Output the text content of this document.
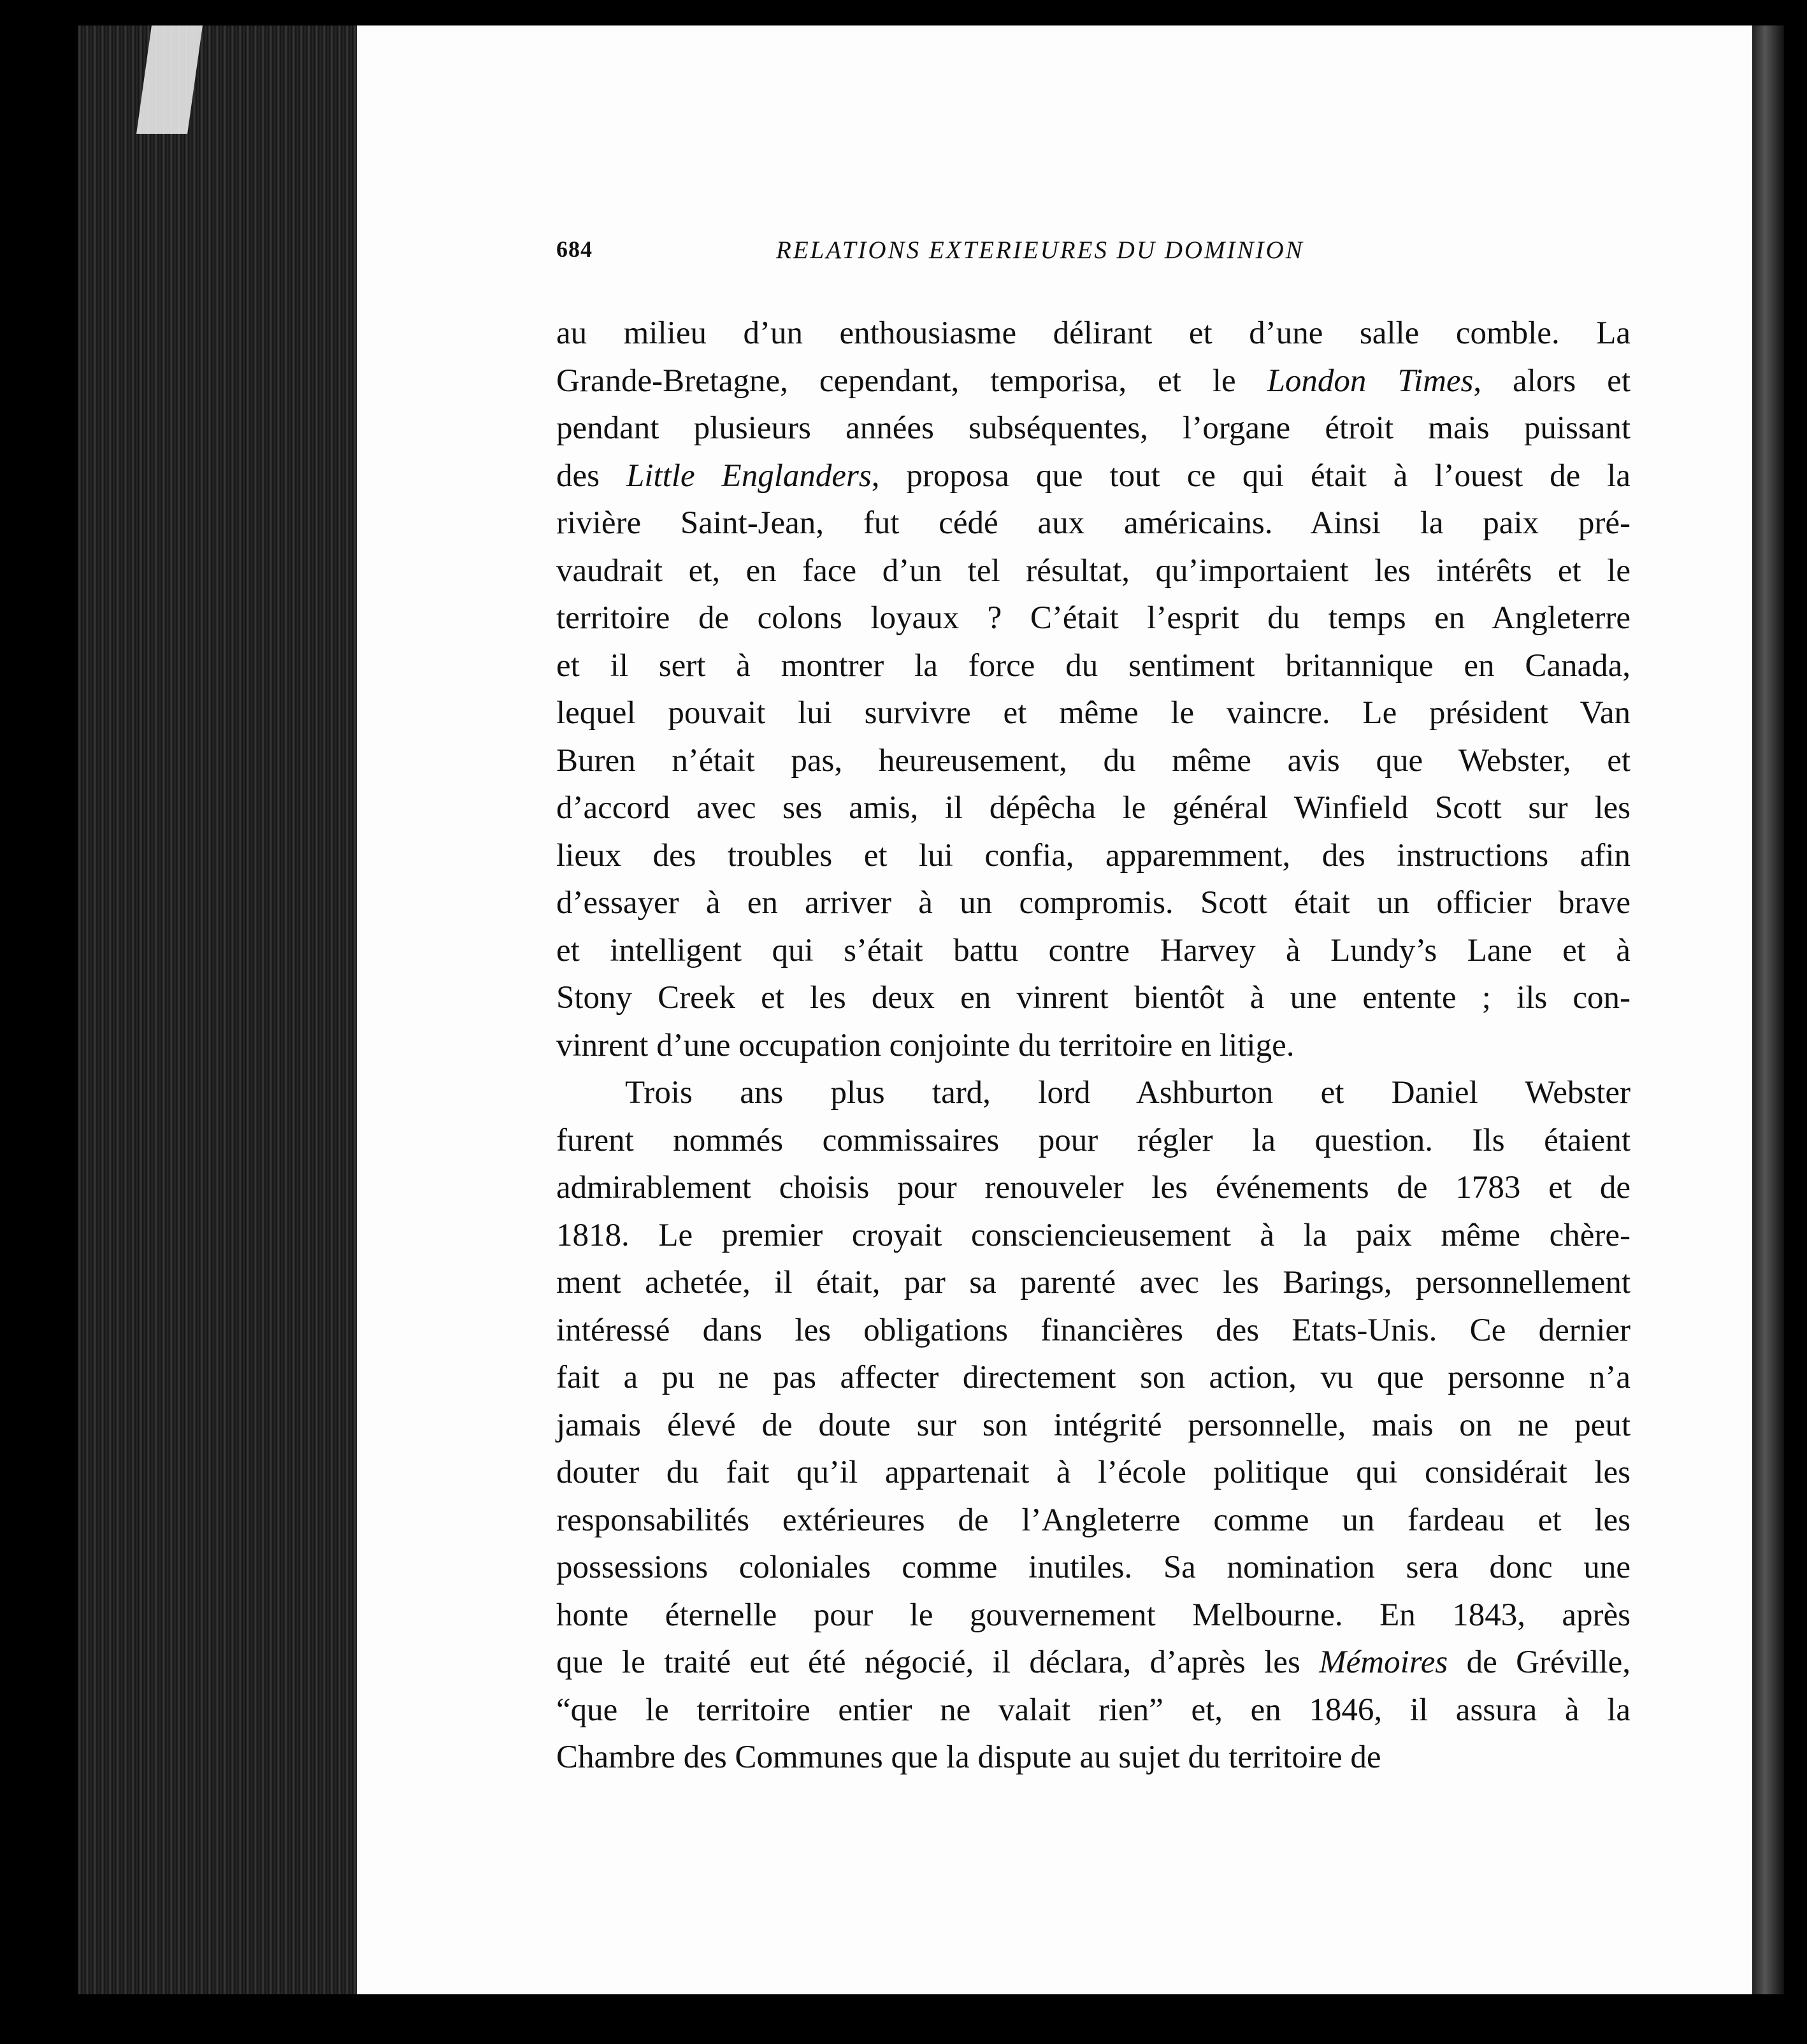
684	RELATIONS EXTERIEURES DU DOMINION
au milieu d’un enthousiasme délirant et d’une salle comble. La
Grande-Bretagne, cependant, temporisa, et le London Times, alors et
pendant plusieurs années subséquentes, l’organe étroit mais puissant
des Little Englanders, proposa que tout ce qui était à l’ouest de la
rivière Saint-Jean, fut cédé aux américains. Ainsi la paix pré-
vaudrait et, en face d’un tel résultat, qu’importaient les intérêts et le
territoire de colons loyaux ? C’était l’esprit du temps en Angleterre
et il sert à montrer la force du sentiment britannique en Canada,
lequel pouvait lui survivre et même le vaincre. Le président Van
Buren n’était pas, heureusement, du même avis que Webster, et
d’accord avec ses amis, il dépêcha le général Winfield Scott sur les
lieux des troubles et lui confia, apparemment, des instructions afin
d’essayer à en arriver à un compromis. Scott était un officier brave
et intelligent qui s’était battu contre Harvey à Lundy’s Lane et à
Stony Creek et les deux en vinrent bientôt à une entente ; ils con-
vinrent d’une occupation conjointe du territoire en litige.
Trois ans plus tard, lord Ashburton et Daniel Webster
furent nommés commissaires pour régler la question. Ils étaient
admirablement choisis pour renouveler les événements de 1783 et de
1818. Le premier croyait consciencieusement à la paix même chère-
ment achetée, il était, par sa parenté avec les Barings, personnellement
intéressé dans les obligations financières des Etats-Unis. Ce dernier
fait a pu ne pas affecter directement son action, vu que personne n’a
jamais élevé de doute sur son intégrité personnelle, mais on ne peut
douter du fait qu’il appartenait à l’école politique qui considérait les
responsabilités extérieures de l’Angleterre comme un fardeau et les
possessions coloniales comme inutiles. Sa nomination sera donc une
honte éternelle pour le gouvernement Melbourne. En 1843, après
que le traité eut été négocié, il déclara, d’après les Mémoires de Gréville,
“que le territoire entier ne valait rien” et, en 1846, il assura à la
Chambre des Communes que la dispute au sujet du territoire de
